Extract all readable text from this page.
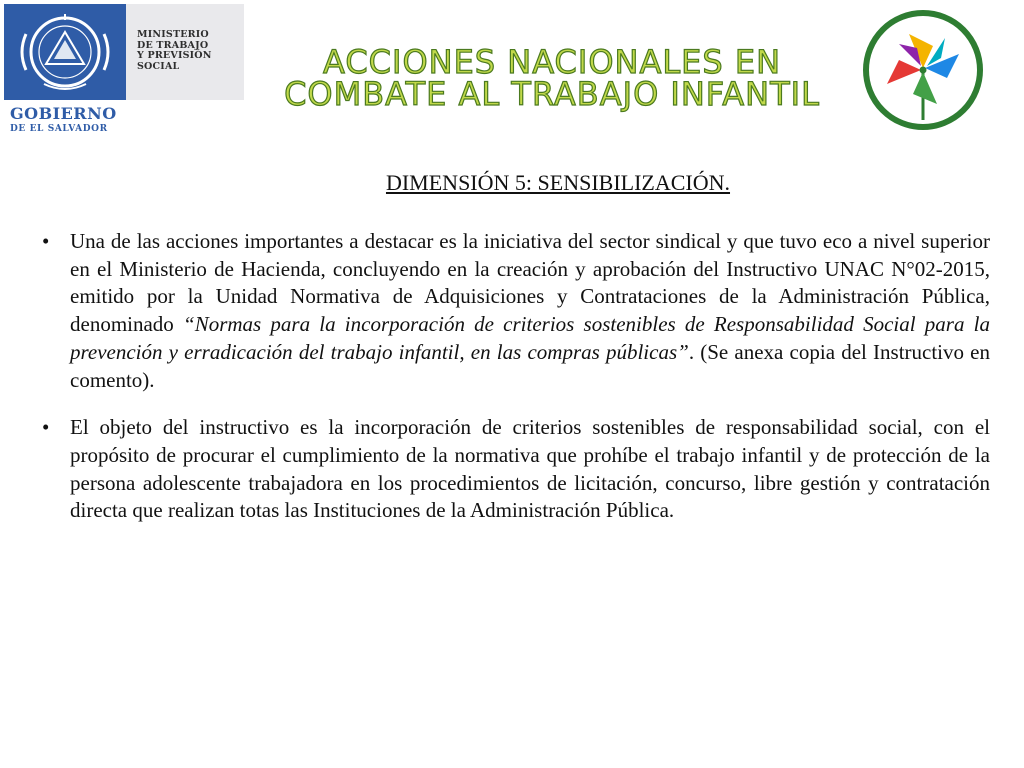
MINISTERIO
DE TRABAJO
Y PREVISIÓN
SOCIAL
GOBIERNO
DE EL SALVADOR
ACCIONES NACIONALES EN COMBATE AL TRABAJO INFANTIL
DIMENSIÓN 5: SENSIBILIZACIÓN.
• Una de las acciones importantes a destacar es la iniciativa del sector sindical y que tuvo eco a nivel superior en el Ministerio de Hacienda, concluyendo en la creación y aprobación del Instructivo UNAC N°02-2015, emitido por la Unidad Normativa de Adquisiciones y Contrataciones de la Administración Pública, denominado “Normas para la incorporación de criterios sostenibles de Responsabilidad Social para la prevención y erradicación del trabajo infantil, en las compras públicas”. (Se anexa copia del Instructivo en comento).

• El objeto del instructivo es la incorporación de criterios sostenibles de responsabilidad social, con el propósito de procurar el cumplimiento de la normativa que prohíbe el trabajo infantil y de protección de la persona adolescente trabajadora en los procedimientos de licitación, concurso, libre gestión y contratación directa que realizan totas las Instituciones de la Administración Pública.
